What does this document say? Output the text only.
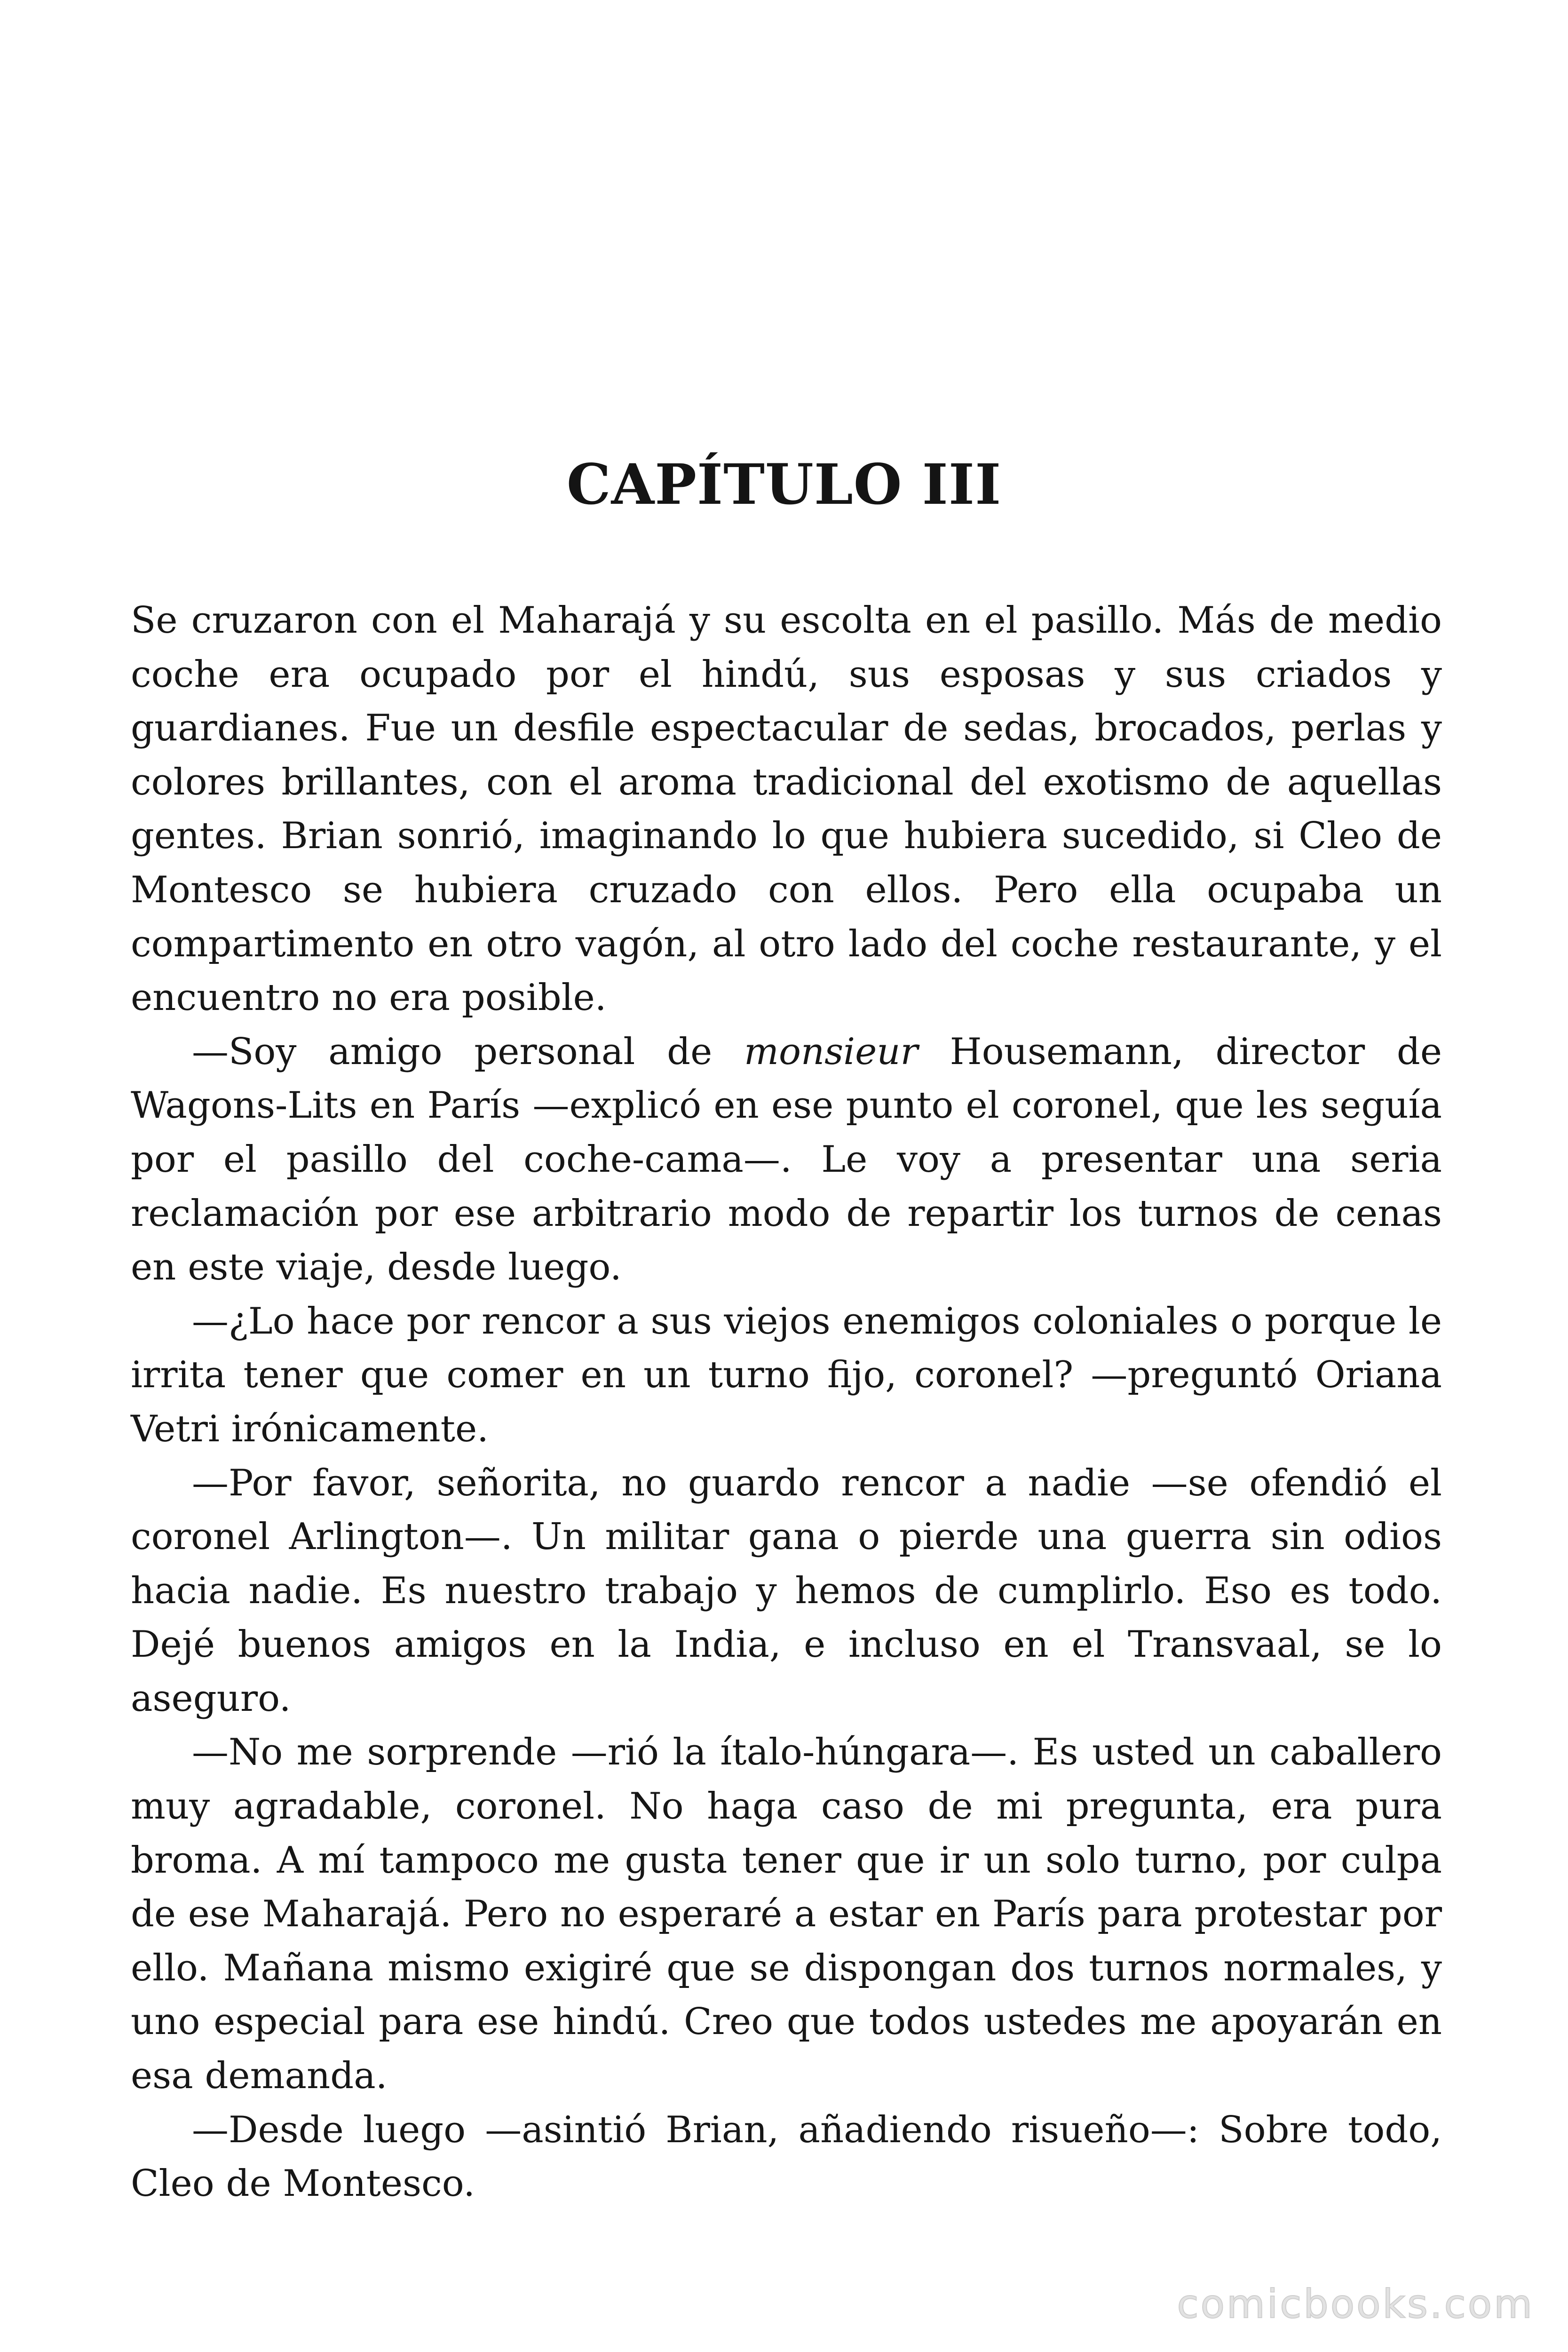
CAPÍTULO III

Se cruzaron con el Maharajá y su escolta en el pasillo. Más de medio coche era ocupado por el hindú, sus esposas y sus criados y guardianes. Fue un desfile espectacular de sedas, brocados, perlas y colores brillantes, con el aroma tradicional del exotismo de aquellas gentes. Brian sonrió, imaginando lo que hubiera sucedido, si Cleo de Montesco se hubiera cruzado con ellos. Pero ella ocupaba un compartimento en otro vagón, al otro lado del coche restaurante, y el encuentro no era posible.

—Soy amigo personal de monsieur Housemann, director de Wagons-Lits en París —explicó en ese punto el coronel, que les seguía por el pasillo del coche-cama—. Le voy a presentar una seria reclamación por ese arbitrario modo de repartir los turnos de cenas en este viaje, desde luego.

—¿Lo hace por rencor a sus viejos enemigos coloniales o porque le irrita tener que comer en un turno fijo, coronel? —preguntó Oriana Vetri irónicamente.

—Por favor, señorita, no guardo rencor a nadie —se ofendió el coronel Arlington—. Un militar gana o pierde una guerra sin odios hacia nadie. Es nuestro trabajo y hemos de cumplirlo. Eso es todo. Dejé buenos amigos en la India, e incluso en el Transvaal, se lo aseguro.

—No me sorprende —rió la ítalo-húngara—. Es usted un caballero muy agradable, coronel. No haga caso de mi pregunta, era pura broma. A mí tampoco me gusta tener que ir un solo turno, por culpa de ese Maharajá. Pero no esperaré a estar en París para protestar por ello. Mañana mismo exigiré que se dispongan dos turnos normales, y uno especial para ese hindú. Creo que todos ustedes me apoyarán en esa demanda.

—Desde luego —asintió Brian, añadiendo risueño—: Sobre todo, Cleo de Montesco.

comicbooks.com
